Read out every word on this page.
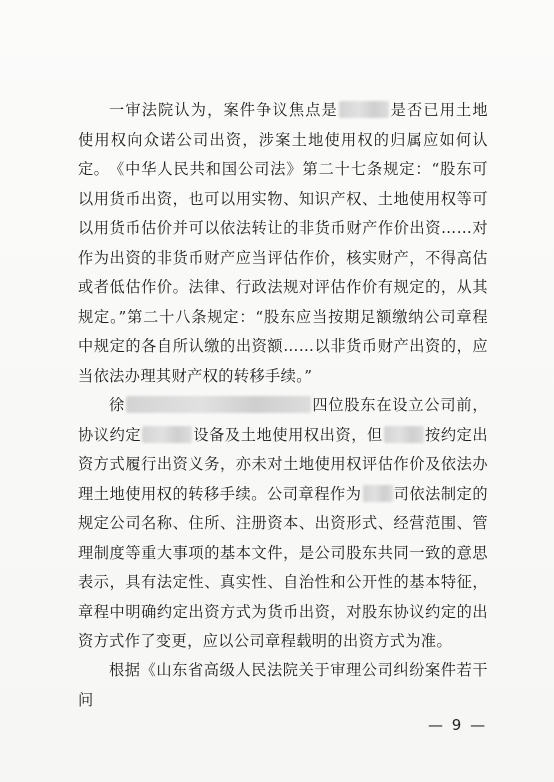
一审法院认为，案件争议焦点是	是否已用土地使用权向众诺公司出资，涉案土地使用权的归属应如何认定。 《中华人民共和国公司法》第二十七条规定：“股东可以用货币出资，也可以用实物、知识产权、土地使用权等可以用货币估价并可以依法转让的非货币财产作价出资……对作为出资的非货币财产应当评估作价，核实财产，不得高估或者低估作价。法律、行政法规对评估作价有规定的，从其规定。”第二十八条规定：“股东应当按期足额缴纳公司章程中规定的各自所认缴的出资额……以非货币财产出资的，应当依法办理其财产权的转移手续。”

徐	四位股东在设立公司前，协议约定	设备及土地使用权出资，但	按约定出资方式履行出资义务，亦未对土地使用权评估作价及依法办理土地使用权的转移手续。公司章程作为 司依法制定的规定公司名称、住所、注册资本、出资形式、经营范围、管理制度等重大事项的基本文件，是公司股东共同一致的意思表示，具有法定性、真实性、自治性和公开性的基本特征，章程中明确约定出资方式为货币出资，对股东协议约定的出资方式作了变更，应以公司章程载明的出资方式为准。

根据《山东省高级人民法院关于审理公司纠纷案件若干问

— 9 —
